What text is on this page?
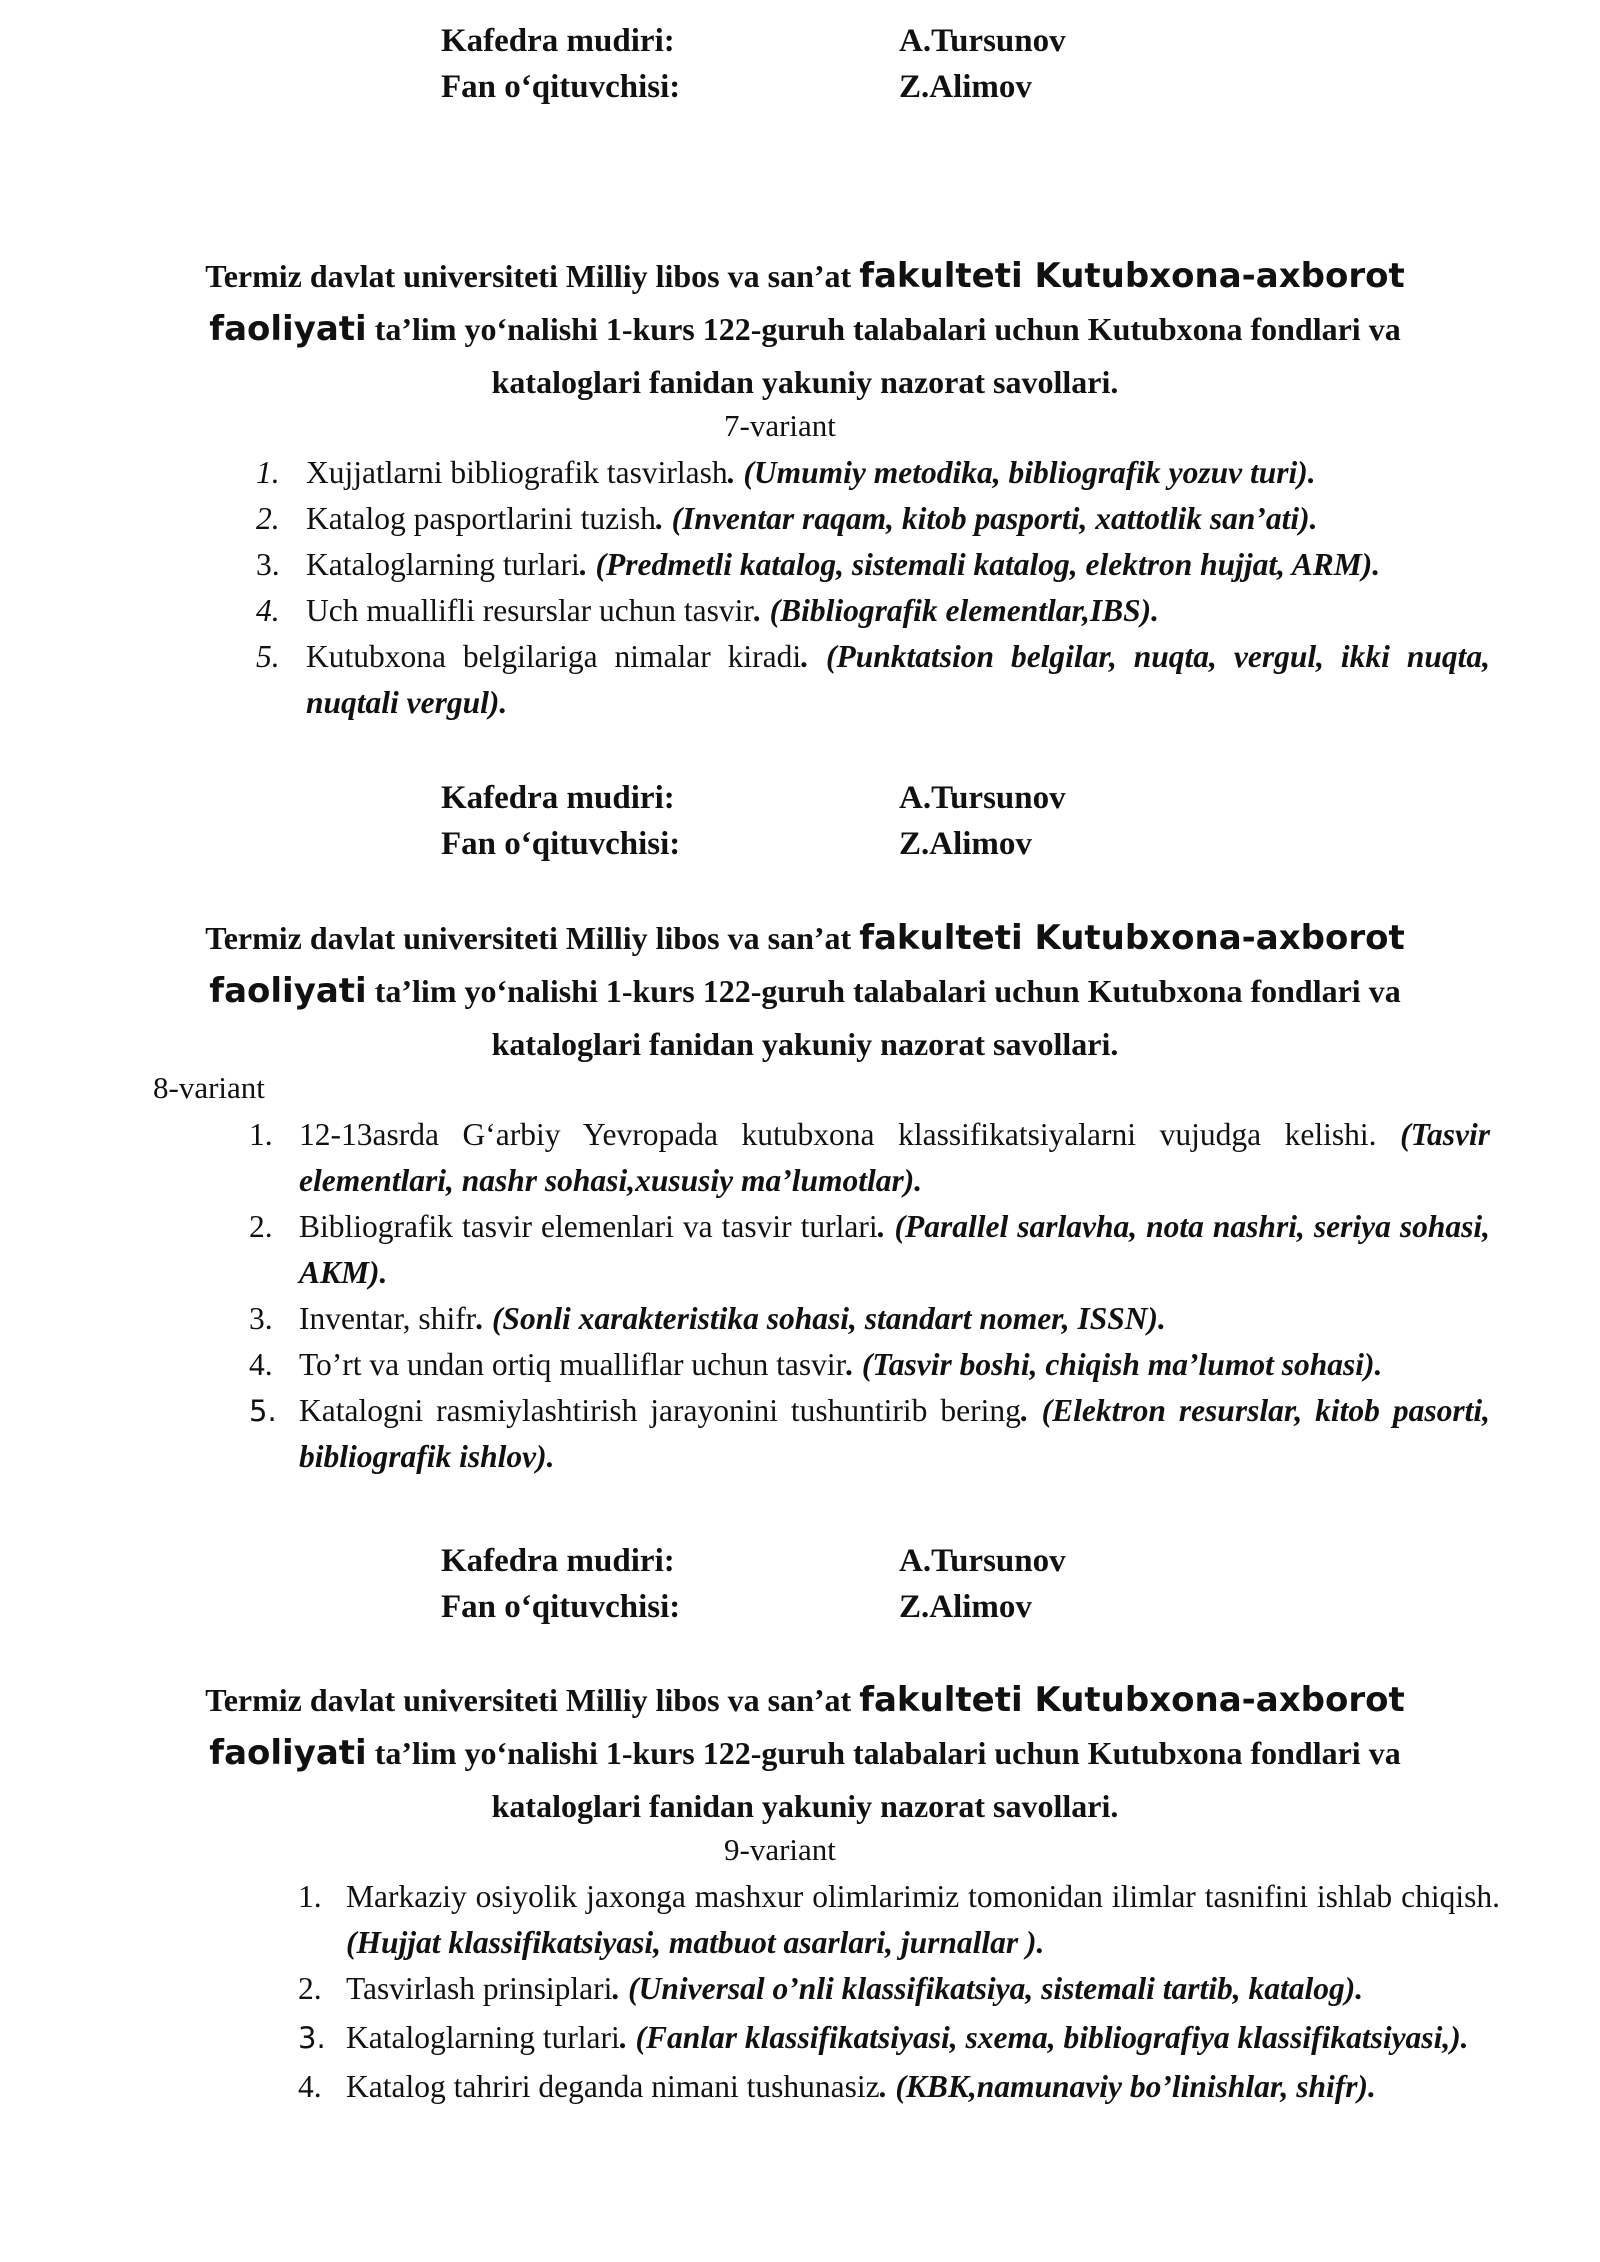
Kafedra mudiri:	A.Tursunov
Fan o‘qituvchisi:	Z.Alimov
Termiz davlat universiteti Milliy libos va san’at fakulteti Kutubxona-axborot faoliyati ta’lim yo‘nalishi 1-kurs 122-guruh talabalari uchun Kutubxona fondlari va kataloglari fanidan yakuniy nazorat savollari.
7-variant

1. Xujjatlarni bibliografik tasvirlash. (Umumiy metodika, bibliografik yozuv turi).

2. Katalog pasportlarini tuzish. (Inventar raqam, kitob pasporti, xattotlik san’ati).

3. Kataloglarning turlari. (Predmetli katalog, sistemali katalog, elektron hujjat, ARM).

4. Uch muallifli resurslar uchun tasvir. (Bibliografik elementlar,IBS).

5. Kutubxona belgilariga nimalar kiradi. (Punktatsion belgilar, nuqta, vergul, ikki nuqta, nuqtali vergul).

Kafedra mudiri:	A.Tursunov
Fan o‘qituvchisi:	Z.Alimov
Termiz davlat universiteti Milliy libos va san’at fakulteti Kutubxona-axborot faoliyati ta’lim yo‘nalishi 1-kurs 122-guruh talabalari uchun Kutubxona fondlari va kataloglari fanidan yakuniy nazorat savollari.
8-variant

1. 12-13asrda G‘arbiy Yevropada kutubxona klassifikatsiyalarni vujudga kelishi. (Tasvir elementlari, nashr sohasi,xususiy ma’lumotlar).

2. Bibliografik tasvir elemenlari va tasvir turlari. (Parallel sarlavha, nota nashri, seriya sohasi, AKM).

3. Inventar, shifr. (Sonli xarakteristika sohasi, standart nomer, ISSN).

4. To’rt va undan ortiq mualliflar uchun tasvir. (Tasvir boshi, chiqish ma’lumot sohasi).

5. Katalogni rasmiylashtirish jarayonini tushuntirib bering. (Elektron resurslar, kitob pasorti, bibliografik ishlov).

Kafedra mudiri:	A.Tursunov
Fan o‘qituvchisi:	Z.Alimov
Termiz davlat universiteti Milliy libos va san’at fakulteti Kutubxona-axborot faoliyati ta’lim yo‘nalishi 1-kurs 122-guruh talabalari uchun Kutubxona fondlari va kataloglari fanidan yakuniy nazorat savollari.
9-variant

1. Markaziy osiyolik jaxonga mashxur olimlarimiz tomonidan ilimlar tasnifini ishlab chiqish. (Hujjat klassifikatsiyasi, matbuot asarlari, jurnallar ).

2. Tasvirlash prinsiplari. (Universal o’nli klassifikatsiya, sistemali tartib, katalog).

3. Kataloglarning turlari. (Fanlar klassifikatsiyasi, sxema, bibliografiya klassifikatsiyasi,).

4. Katalog tahriri deganda nimani tushunasiz. (KBK,namunaviy bo’linishlar, shifr).
